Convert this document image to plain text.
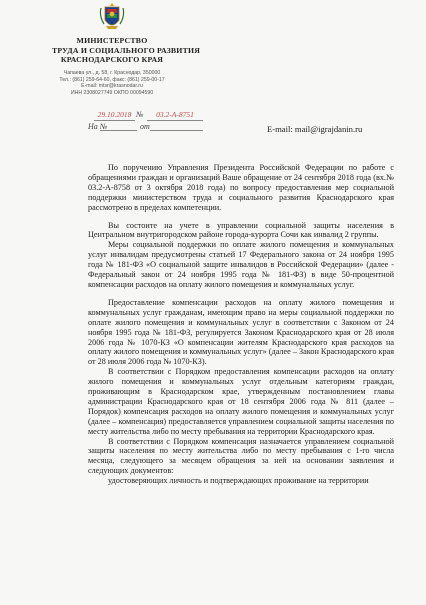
МИНИСТЕРСТВО
ТРУДА И СОЦИАЛЬНОГО РАЗВИТИЯ
КРАСНОДАРСКОГО КРАЯ
Чапаева ул., д. 58, г. Краснодар, 350000
Тел.: (861) 259-64-60, факс: (861) 259-00-17
E-mail: mtsr@krasnodar.ru
ИНН 2308027749 ОКПО 00094590
29.10.2018 №	03.2-А-8751
На №	от	E-mail: mail@igrajdanin.ru

По поручению Управления Президента Российской Федерации по работе с обращениями граждан и организаций Ваше обращение от 24 сентября 2018 года (вх.№ 03.2-А-8758 от 3 октября 2018 года) по вопросу предоставления мер социальной поддержки министерством труда и социального развития Краснодарского края рассмотрено в пределах компетенции.

Вы состоите на учете в управлении социальной защиты населения в Центральном внутригородском районе города-курорта Сочи как инвалид 2 группы.

Меры социальной поддержки по оплате жилого помещения и коммунальных услуг инвалидам предусмотрены статьей 17 Федерального закона от 24 ноября 1995 года № 181-ФЗ «О социальной защите инвалидов в Российской Федерации» (далее - Федеральный закон от 24 ноября 1995 года № 181-ФЗ) в виде 50-процентной компенсации расходов на оплату жилого помещения и коммунальных услуг.

Предоставление компенсации расходов на оплату жилого помещения и коммунальных услуг гражданам, имеющим право на меры социальной поддержки по оплате жилого помещения и коммунальных услуг в соответствии с Законом от 24 ноября 1995 года № 181-ФЗ, регулируется Законом Краснодарского края от 28 июля 2006 года № 1070-КЗ «О компенсации жителям Краснодарского края расходов на оплату жилого помещения и коммунальных услуг» (далее – Закон Краснодарского края от 28 июля 2006 года № 1070-КЗ).

В соответствии с Порядком предоставления компенсации расходов на оплату жилого помещения и коммунальных услуг отдельным категориям граждан, проживающим в Краснодарском крае, утвержденным постановлением главы администрации Краснодарского края от 18 сентября 2006 года № 811 (далее – Порядок) компенсация расходов на оплату жилого помещения и коммунальных услуг (далее – компенсация) предоставляется управлением социальной защиты населения по месту жительства либо по месту пребывания на территории Краснодарского края.

В соответствии с Порядком компенсация назначается управлением социальной защиты населения по месту жительства либо по месту пребывания с 1-го числа месяца, следующего за месяцем обращения за ней на основании заявления и следующих документов:

удостоверяющих личность и подтверждающих проживание на территории
